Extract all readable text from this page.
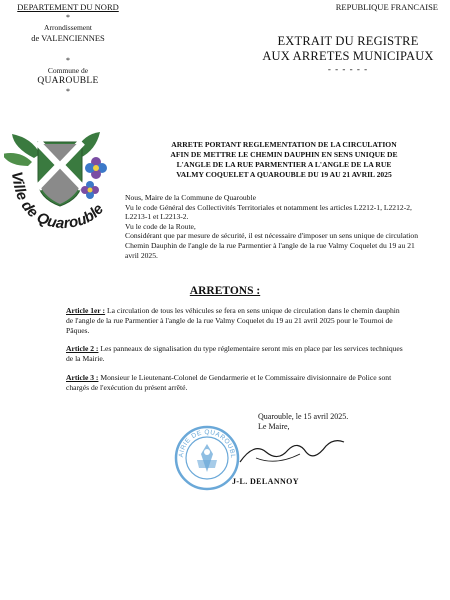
DEPARTEMENT DU NORD
*
Arrondissement
de VALENCIENNES
*
Commune de
QUAROUBLE
*
REPUBLIQUE FRANCAISE
EXTRAIT DU REGISTRE
AUX ARRETES MUNICIPAUX
- - - - - -
Ville de Quarouble
ARRETE PORTANT REGLEMENTATION DE LA CIRCULATION
AFIN DE METTRE LE CHEMIN DAUPHIN EN SENS UNIQUE DE
L'ANGLE DE LA RUE PARMENTIER A L'ANGLE DE LA RUE
VALMY COQUELET A QUAROUBLE DU 19 AU 21 AVRIL 2025

Nous, Maire de la Commune de Quarouble

Vu le code Général des Collectivités Territoriales et notamment les articles L2212-1, L2212-2, L2213-1 et L2213-2.

Vu le code de la Route,

Considérant que par mesure de sécurité, il est nécessaire d'imposer un sens unique de circulation Chemin Dauphin de l'angle de la rue Parmentier à l'angle de la rue Valmy Coquelet du 19 au 21 avril 2025.

ARRETONS :

Article 1er : La circulation de tous les véhicules se fera en sens unique de circulation dans le chemin dauphin de l'angle de la rue Parmentier à l'angle de la rue Valmy Coquelet du 19 au 21 avril 2025 pour le Tournoi de Pâques.

Article 2 : Les panneaux de signalisation du type réglementaire seront mis en place par les services techniques de la Mairie.

Article 3 : Monsieur le Lieutenant-Colonel de Gendarmerie et le Commissaire divisionnaire de Police sont chargés de l'exécution du présent arrêté.

Quarouble, le 15 avril 2025.
Le Maire,
AIRIE DE QUAROUBL
J-L. DELANNOY
